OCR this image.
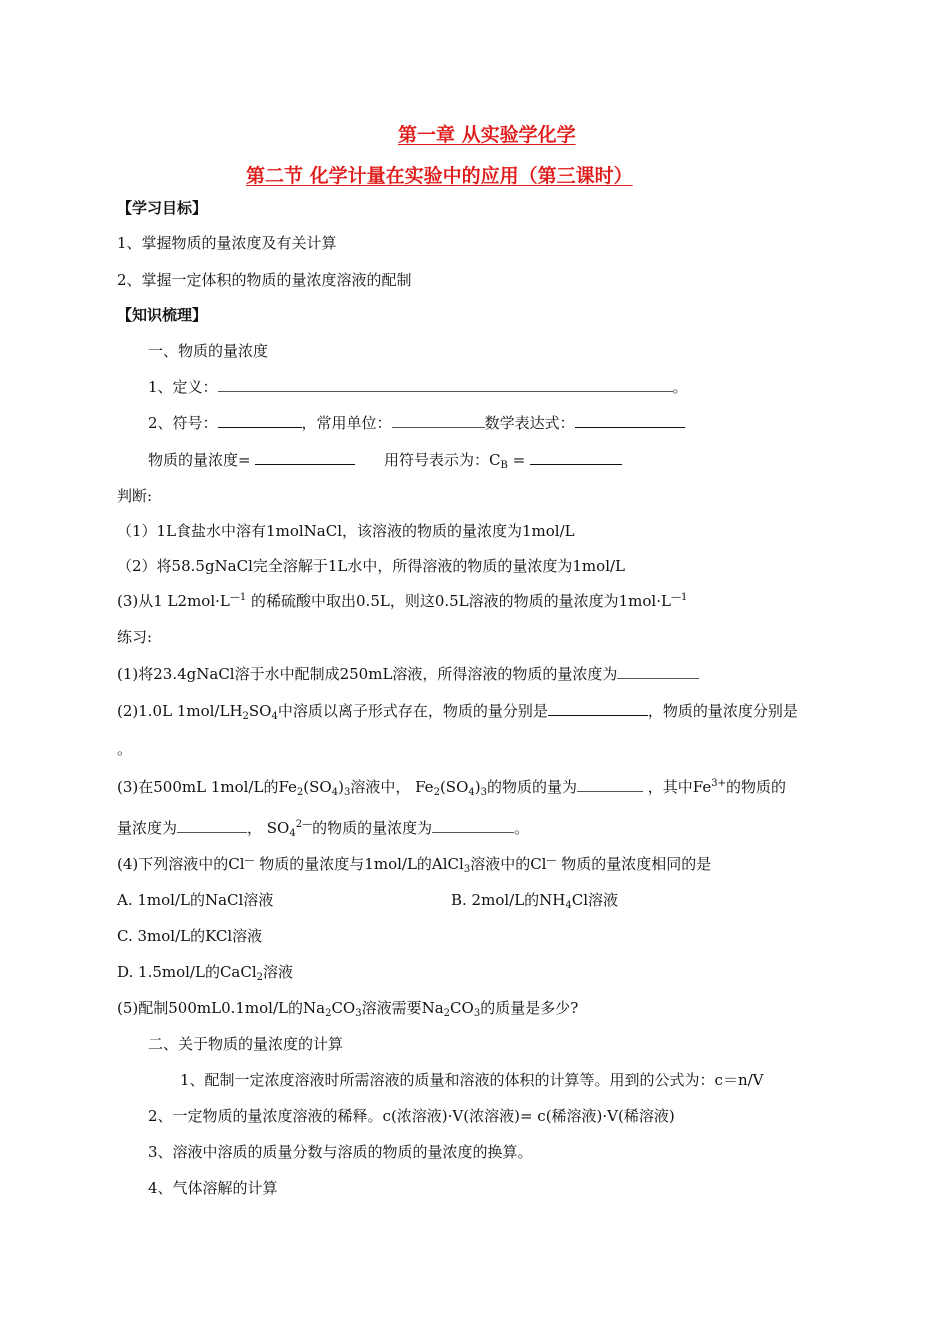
第一章 从实验学化学
第二节 化学计量在实验中的应用（第三课时）
【学习目标】
1、掌握物质的量浓度及有关计算
2、掌握一定体积的物质的量浓度溶液的配制
【知识梳理】
一、物质的量浓度
1、定义：	。
2、符号：	，常用单位：	数学表达式：
物质的量浓度=	用符号表示为：$C_B$ =
判断:
（1）1L食盐水中溶有1molNaCl，该溶液的物质的量浓度为1mol/L
（2）将58.5gNaCl完全溶解于1L水中，所得溶液的物质的量浓度为1mol/L
(3)从1 $L2mol\cdot L^{—1}$ 的稀硫酸中取出0.5L，则这0.5L溶液的物质的量浓度为$1mol\cdot L^{—1}$
练习:
(1)将23.4gNaCl溶于水中配制成250mL溶液，所得溶液的物质的量浓度为
(2)1.0L $1mol/LH_2SO_4$中溶质以离子形式存在，物质的量分别是	，物质的量浓度分别是
。
(3)在500mL 1mol/L的$Fe_2(SO_4)_3$溶液中， $Fe_2(SO_4)_3$的物质的量为	，其中$Fe^{3+}$的物质的
量浓度为	， $SO_4^{2—}$的物质的量浓度为	。
(4)下列溶液中的Cl— 物质的量浓度与1mol/L的AlCl$_3$溶液中的Cl— 物质的量浓度相同的是
A. 1mol/L的NaCl溶液	B. 2mol/L的$NH_4Cl$溶液
C. 3mol/L的KCl溶液
D. 1.5mol/L的CaCl$_2$溶液
(5)配制500mL0.1mol/L的$Na_2CO_3$溶液需要$Na_2CO_3$的质量是多少?
二、关于物质的量浓度的计算
1、配制一定浓度溶液时所需溶液的质量和溶液的体积的计算等。用到的公式为：c＝n/V
2、一定物质的量浓度溶液的稀释。c(浓溶液)·V(浓溶液)= c(稀溶液)·V(稀溶液)
3、溶液中溶质的质量分数与溶质的物质的量浓度的换算。
4、气体溶解的计算
